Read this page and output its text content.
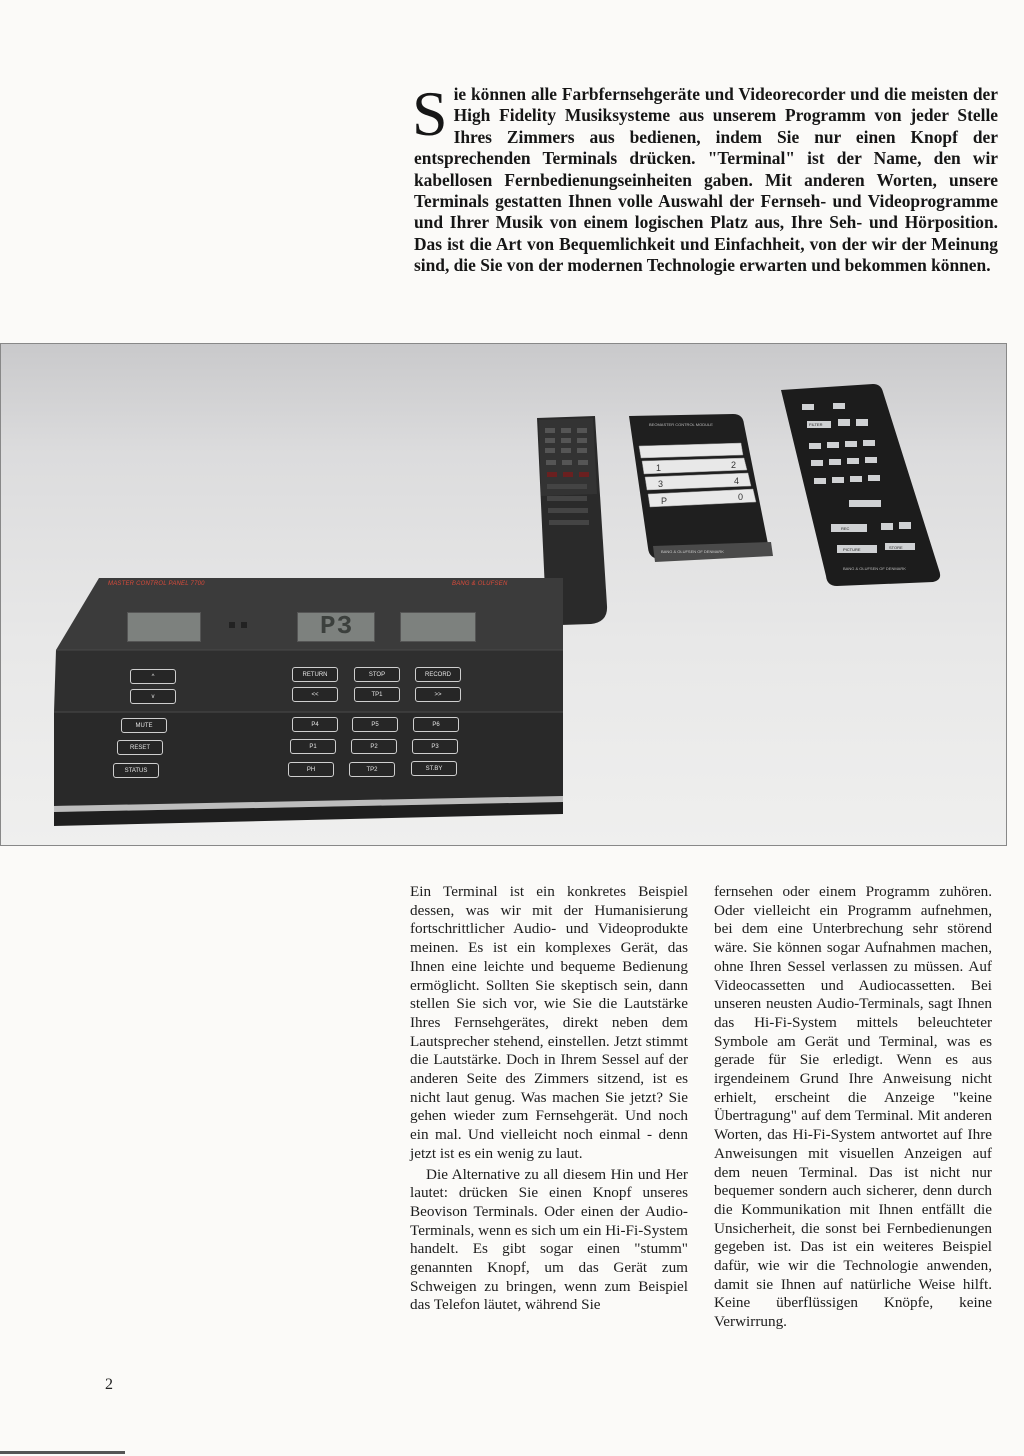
Sie können alle Farbfernsehgeräte und Videorecorder und die meisten der High Fidelity Musiksysteme aus unserem Programm von jeder Stelle Ihres Zimmers aus bedienen, indem Sie nur einen Knopf der entsprechenden Terminals drücken. "Terminal" ist der Name, den wir kabellosen Fernbedienungseinheiten gaben. Mit anderen Worten, unsere Terminals gestatten Ihnen volle Auswahl der Fernseh- und Videoprogramme und Ihrer Musik von einem logischen Platz aus, Ihre Seh- und Hörposition. Das ist die Art von Bequemlichkeit und Einfachheit, von der wir der Meinung sind, die Sie von der modernen Technologie erwarten und bekommen können.
BEOMASTER CONTROL MODULE
1	2
3	4
P	0
BANG & OLUFSEN OF DENMARK
FILTER
REC
PICTURE	STORE
BANG & OLUFSEN OF DENMARK
MASTER CONTROL PANEL 7700	BANG & OLUFSEN
P3
^
v
RETURN	STOP	RECORD
<<	TP1	>>
MUTE
RESET
STATUS
P4	P5	P6
P1	P2	P3
PH	TP2	ST.BY

Ein Terminal ist ein konkretes Beispiel dessen, was wir mit der Humanisierung fortschrittlicher Audio- und Videoprodukte meinen. Es ist ein komplexes Gerät, das Ihnen eine leichte und bequeme Bedienung ermöglicht. Sollten Sie skeptisch sein, dann stellen Sie sich vor, wie Sie die Lautstärke Ihres Fernsehgerätes, direkt neben dem Lautsprecher stehend, einstellen. Jetzt stimmt die Lautstärke. Doch in Ihrem Sessel auf der anderen Seite des Zimmers sitzend, ist es nicht laut genug. Was machen Sie jetzt? Sie gehen wieder zum Fernsehgerät. Und noch ein mal. Und vielleicht noch einmal - denn jetzt ist es ein wenig zu laut.

Die Alternative zu all diesem Hin und Her lautet: drücken Sie einen Knopf unseres Beovison Terminals. Oder einen der Audio-Terminals, wenn es sich um ein Hi-Fi-System handelt. Es gibt sogar einen "stumm" genannten Knopf, um das Gerät zum Schweigen zu bringen, wenn zum Beispiel das Telefon läutet, während Sie

fernsehen oder einem Programm zuhören. Oder vielleicht ein Programm aufnehmen, bei dem eine Unterbrechung sehr störend wäre. Sie können sogar Aufnahmen machen, ohne Ihren Sessel verlassen zu müssen. Auf Videocassetten und Audiocassetten. Bei unseren neusten Audio-Terminals, sagt Ihnen das Hi-Fi-System mittels beleuchteter Symbole am Gerät und Terminal, was es gerade für Sie erledigt. Wenn es aus irgendeinem Grund Ihre Anweisung nicht erhielt, erscheint die Anzeige "keine Übertragung" auf dem Terminal. Mit anderen Worten, das Hi-Fi-System antwortet auf Ihre Anweisungen mit visuellen Anzeigen auf dem neuen Terminal. Das ist nicht nur bequemer sondern auch sicherer, denn durch die Kommunikation mit Ihnen entfällt die Unsicherheit, die sonst bei Fernbedienungen gegeben ist. Das ist ein weiteres Beispiel dafür, wie wir die Technologie anwenden, damit sie Ihnen auf natürliche Weise hilft. Keine überflüssigen Knöpfe, keine Verwirrung.

2
